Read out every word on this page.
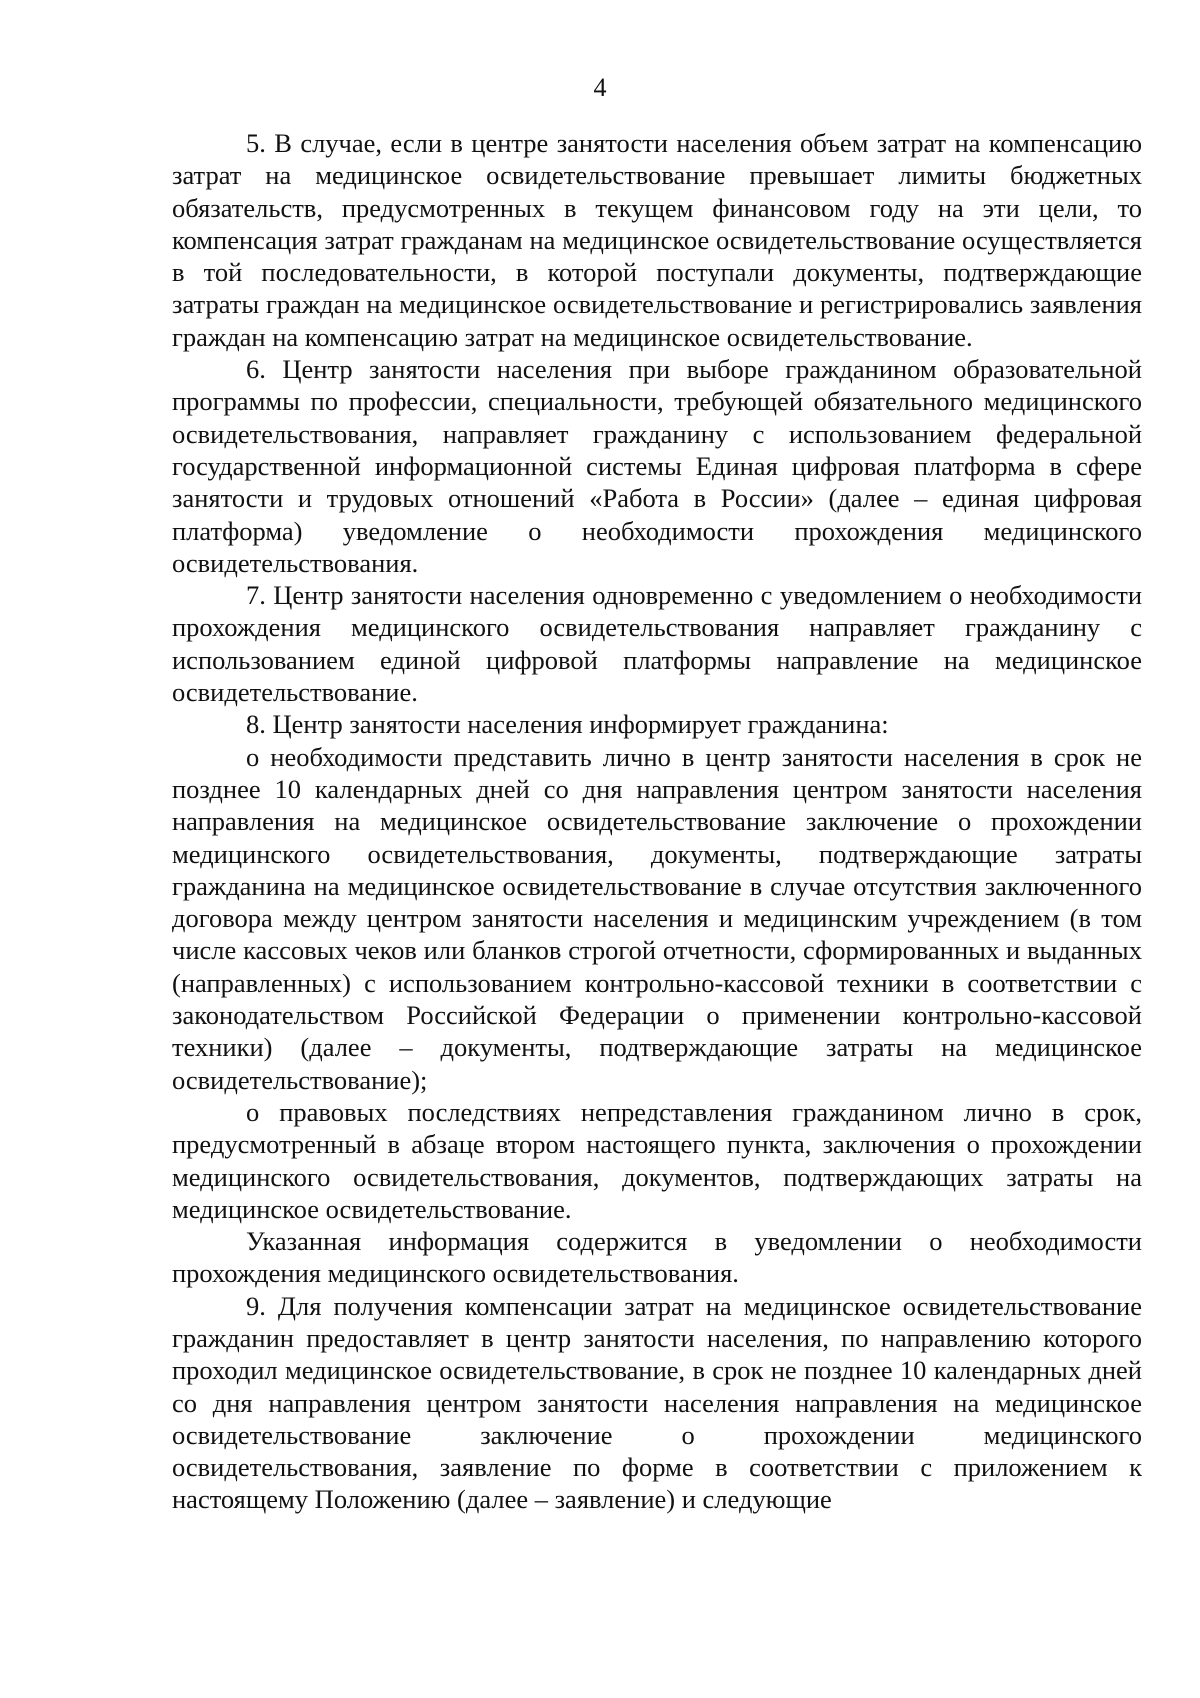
4

5. В случае, если в центре занятости населения объем затрат на компенсацию затрат на медицинское освидетельствование превышает лимиты бюджетных обязательств, предусмотренных в текущем финансовом году на эти цели, то компенсация затрат гражданам на медицинское освидетельствование осуществляется в той последовательности, в которой поступали документы, подтверждающие затраты граждан на медицинское освидетельствование и регистрировались заявления граждан на компенсацию затрат на медицинское освидетельствование.

6. Центр занятости населения при выборе гражданином образовательной программы по профессии, специальности, требующей обязательного медицинского освидетельствования, направляет гражданину с использованием федеральной государственной информационной системы Единая цифровая платформа в сфере занятости и трудовых отношений «Работа в России» (далее – единая цифровая платформа) уведомление о необходимости прохождения медицинского освидетельствования.

7. Центр занятости населения одновременно с уведомлением о необходимости прохождения медицинского освидетельствования направляет гражданину с использованием единой цифровой платформы направление на медицинское освидетельствование.

8. Центр занятости населения информирует гражданина:

о необходимости представить лично в центр занятости населения в срок не позднее 10 календарных дней со дня направления центром занятости населения направления на медицинское освидетельствование заключение о прохождении медицинского освидетельствования, документы, подтверждающие затраты гражданина на медицинское освидетельствование в случае отсутствия заключенного договора между центром занятости населения и медицинским учреждением (в том числе кассовых чеков или бланков строгой отчетности, сформированных и выданных (направленных) с использованием контрольно-кассовой техники в соответствии с законодательством Российской Федерации о применении контрольно-кассовой техники) (далее – документы, подтверждающие затраты на медицинское освидетельствование);

о правовых последствиях непредставления гражданином лично в срок, предусмотренный в абзаце втором настоящего пункта, заключения о прохождении медицинского освидетельствования, документов, подтверждающих затраты на медицинское освидетельствование.

Указанная информация содержится в уведомлении о необходимости прохождения медицинского освидетельствования.

9. Для получения компенсации затрат на медицинское освидетельствование гражданин предоставляет в центр занятости населения, по направлению которого проходил медицинское освидетельствование, в срок не позднее 10 календарных дней со дня направления центром занятости населения направления на медицинское освидетельствование заключение о прохождении медицинского освидетельствования, заявление по форме в соответствии с приложением к настоящему Положению (далее – заявление) и следующие
